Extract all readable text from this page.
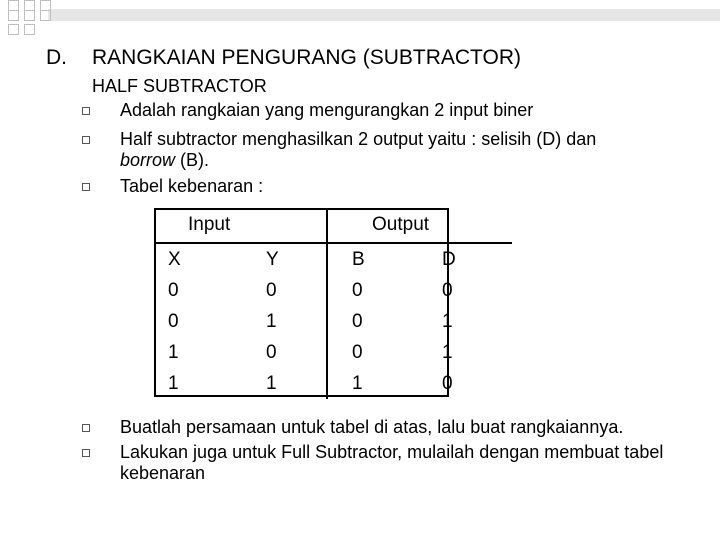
D. RANGKAIAN PENGURANG (SUBTRACTOR)
HALF SUBTRACTOR
Adalah rangkaian yang mengurangkan 2 input biner
Half subtractor menghasilkan 2 output yaitu : selisih (D) dan
borrow (B).
Tabel kebenaran :
Input		Output	
X	Y	B	D
0	0	0	0
0	1	0	1
1	0	0	1
1	1	1	0
Buatlah persamaan untuk tabel di atas, lalu buat rangkaiannya.
Lakukan juga untuk Full Subtractor, mulailah dengan membuat tabel kebenaran
